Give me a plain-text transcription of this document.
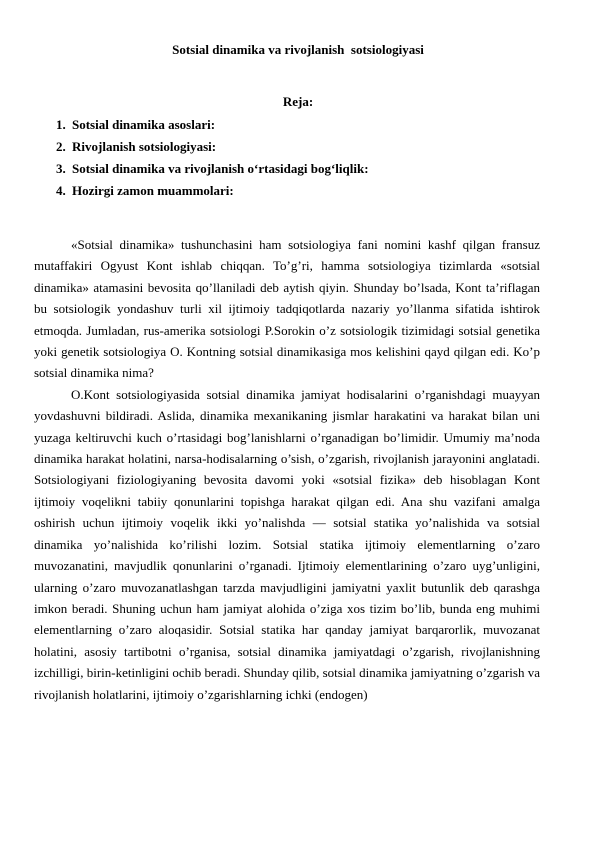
Sotsial dinamika va rivojlanish  sotsiologiyasi
Reja:
1. Sotsial dinamika asoslari:
2. Rivojlanish sotsiologiyasi:
3. Sotsial dinamika va rivojlanish o‘rtasidagi bog‘liqlik:
4. Hozirgi zamon muammolari:

«Sotsial dinamika» tushunchasini ham sotsiologiya fani nomini kashf qilgan fransuz mutaffakiri Ogyust Kont ishlab chiqqan. To’g’ri, hamma sotsiologiya tizimlarda «sotsial dinamika» atamasini bevosita qo’llaniladi deb aytish qiyin. Shunday bo’lsada, Kont ta’riflagan bu sotsiologik yondashuv turli xil ijtimoiy tadqiqotlarda nazariy yo’llanma sifatida ishtirok etmoqda. Jumladan, rus-amerika sotsiologi P.Sorokin o’z sotsiologik tizimidagi sotsial genetika yoki genetik sotsiologiya O. Kontning sotsial dinamikasiga mos kelishini qayd qilgan edi. Ko’p sotsial dinamika nima?

O.Kont sotsiologiyasida sotsial dinamika jamiyat hodisalarini o’rganishdagi muayyan yovdashuvni bildiradi. Aslida, dinamika mexanikaning jismlar harakatini va harakat bilan uni yuzaga keltiruvchi kuch o’rtasidagi bog’lanishlarni o’rganadigan bo’limidir. Umumiy ma’noda dinamika harakat holatini, narsa-hodisalarning o’sish, o’zgarish, rivojlanish jarayonini anglatadi. Sotsiologiyani fiziologiyaning bevosita davomi yoki «sotsial fizika» deb hisoblagan Kont ijtimoiy voqelikni tabiiy qonunlarini topishga harakat qilgan edi. Ana shu vazifani amalga oshirish uchun ijtimoiy voqelik ikki yo’nalishda — sotsial statika yo’nalishida va sotsial dinamika yo’nalishida ko’rilishi lozim. Sotsial statika ijtimoiy elementlarning o’zaro muvozanatini, mavjudlik qonunlarini o’rganadi. Ijtimoiy elementlarining o’zaro uyg’unligini, ularning o’zaro muvozanatlashgan tarzda mavjudligini jamiyatni yaxlit butunlik deb qarashga imkon beradi. Shuning uchun ham jamiyat alohida o’ziga xos tizim bo’lib, bunda eng muhimi elementlarning o’zaro aloqasidir. Sotsial statika har qanday jamiyat barqarorlik, muvozanat holatini, asosiy tartibotni o’rganisa, sotsial dinamika jamiyatdagi o’zgarish, rivojlanishning izchilligi, birin-ketinligini ochib beradi. Shunday qilib, sotsial dinamika jamiyatning o’zgarish va rivojlanish holatlarini, ijtimoiy o’zgarishlarning ichki (endogen)
